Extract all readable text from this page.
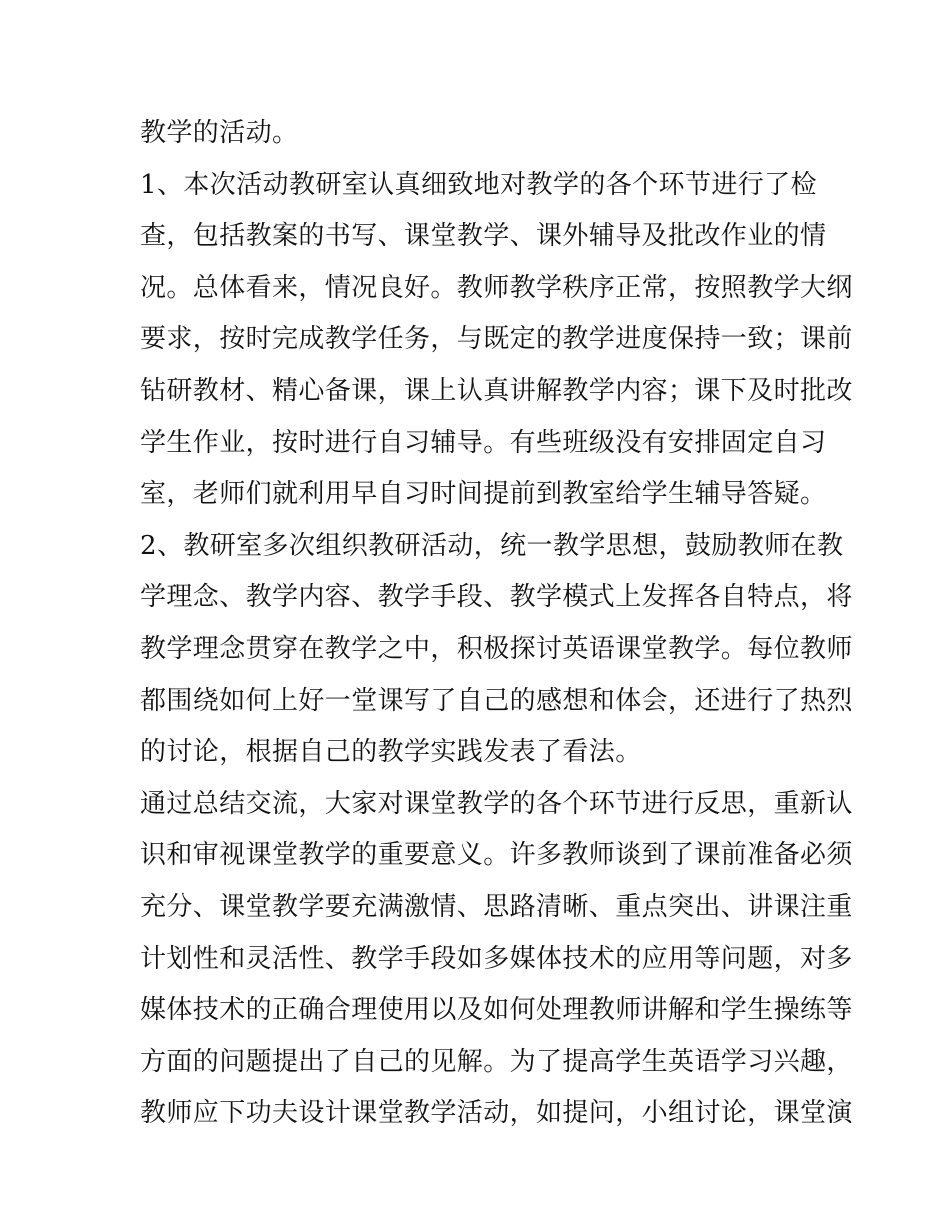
教学的活动。
1、本次活动教研室认真细致地对教学的各个环节进行了检
查，包括教案的书写、课堂教学、课外辅导及批改作业的情
况。总体看来，情况良好。教师教学秩序正常，按照教学大纲
要求，按时完成教学任务，与既定的教学进度保持一致；课前
钻研教材、精心备课，课上认真讲解教学内容；课下及时批改
学生作业，按时进行自习辅导。有些班级没有安排固定自习
室，老师们就利用早自习时间提前到教室给学生辅导答疑。
2、教研室多次组织教研活动，统一教学思想，鼓励教师在教
学理念、教学内容、教学手段、教学模式上发挥各自特点，将
教学理念贯穿在教学之中，积极探讨英语课堂教学。每位教师
都围绕如何上好一堂课写了自己的感想和体会，还进行了热烈
的讨论，根据自己的教学实践发表了看法。
通过总结交流，大家对课堂教学的各个环节进行反思，重新认
识和审视课堂教学的重要意义。许多教师谈到了课前准备必须
充分、课堂教学要充满激情、思路清晰、重点突出、讲课注重
计划性和灵活性、教学手段如多媒体技术的应用等问题，对多
媒体技术的正确合理使用以及如何处理教师讲解和学生操练等
方面的问题提出了自己的见解。为了提高学生英语学习兴趣，
教师应下功夫设计课堂教学活动，如提问，小组讨论，课堂演
